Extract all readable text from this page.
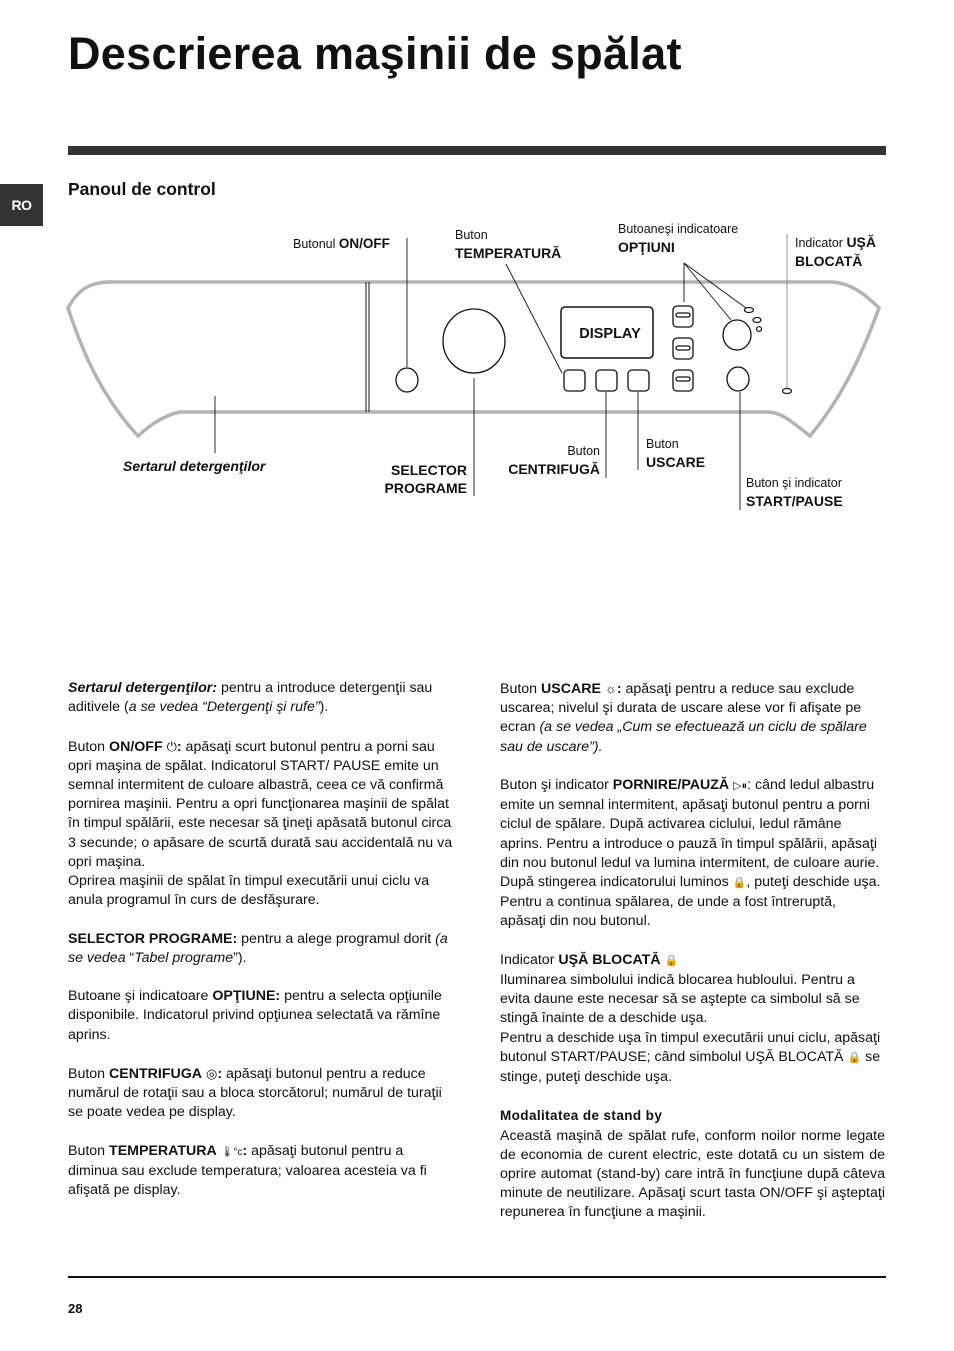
Descrierea maşinii de spălat
RO
Panoul de control
DISPLAY
Butonul ON/OFF
Buton
TEMPERATURĂ
Butoaneşi indicatoare
OPŢIUNI	Indicator UŞĂ
BLOCATĂ
Sertarul detergenţilor	SELECTOR
PROGRAME
Buton
CENTRIFUGĂ
Buton
USCARE
Buton şi indicator
START/PAUSE

Sertarul detergenţilor: pentru a introduce detergenţii sau aditivele (a se vedea “Detergenţi şi rufe”).

Buton ON/OFF ⏻: apăsaţi scurt butonul pentru a porni sau opri maşina de spălat. Indicatorul START/ PAUSE emite un semnal intermitent de culoare albastră, ceea ce vă confirmă pornirea maşinii. Pentru a opri funcţionarea maşinii de spălat în timpul spălării, este necesar să ţineţi apăsată butonul circa 3 secunde; o apăsare de scurtă durată sau accidentală nu va opri maşina.
Oprirea maşinii de spălat în timpul executării unui ciclu va anula programul în curs de desfăşurare.

SELECTOR PROGRAME: pentru a alege programul dorit (a se vedea “Tabel programe”).

Butoane şi indicatoare OPŢIUNE: pentru a selecta opţiunile disponibile. Indicatorul privind opţiunea selectată va rămîne aprins.

Buton CENTRIFUGA ◎: apăsaţi butonul pentru a reduce numărul de rotaţii sau a bloca storcătorul; numărul de turaţii se poate vedea pe display.

Buton TEMPERATURA 🌡°c: apăsaţi butonul pentru a diminua sau exclude temperatura; valoarea acesteia va fi afişată pe display.

Buton USCARE ☼: apăsaţi pentru a reduce sau exclude uscarea; nivelul şi durata de uscare alese vor fi afişate pe ecran (a se vedea „Cum se efectuează un ciclu de spălare sau de uscare”).

Buton şi indicator PORNIRE/PAUZĂ ▷⏸: când ledul albastru emite un semnal intermitent, apăsaţi butonul pentru a porni ciclul de spălare. După activarea ciclului, ledul rămâne aprins. Pentru a introduce o pauză în timpul spălării, apăsaţi din nou butonul ledul va lumina intermitent, de culoare aurie. După stingerea indicatorului luminos 🔒, puteţi deschide uşa. Pentru a continua spălarea, de unde a fost întreruptă, apăsaţi din nou butonul.

Indicator UŞĂ BLOCATĂ 🔒
Iluminarea simbolului indică blocarea hubloului. Pentru a evita daune este necesar să se aştepte ca simbolul să se stingă înainte de a deschide uşa.
Pentru a deschide uşa în timpul executării unui ciclu, apăsaţi butonul START/PAUSE; când simbolul UŞĂ BLOCATĂ 🔒 se stinge, puteţi deschide uşa.

Modalitatea de stand by
Această maşină de spălat rufe, conform noilor norme legate de economia de curent electric, este dotată cu un sistem de oprire automat (stand-by) care intră în funcţiune după câteva minute de neutilizare. Apăsaţi scurt tasta ON/OFF şi aşteptaţi repunerea în funcţiune a maşinii.

28
